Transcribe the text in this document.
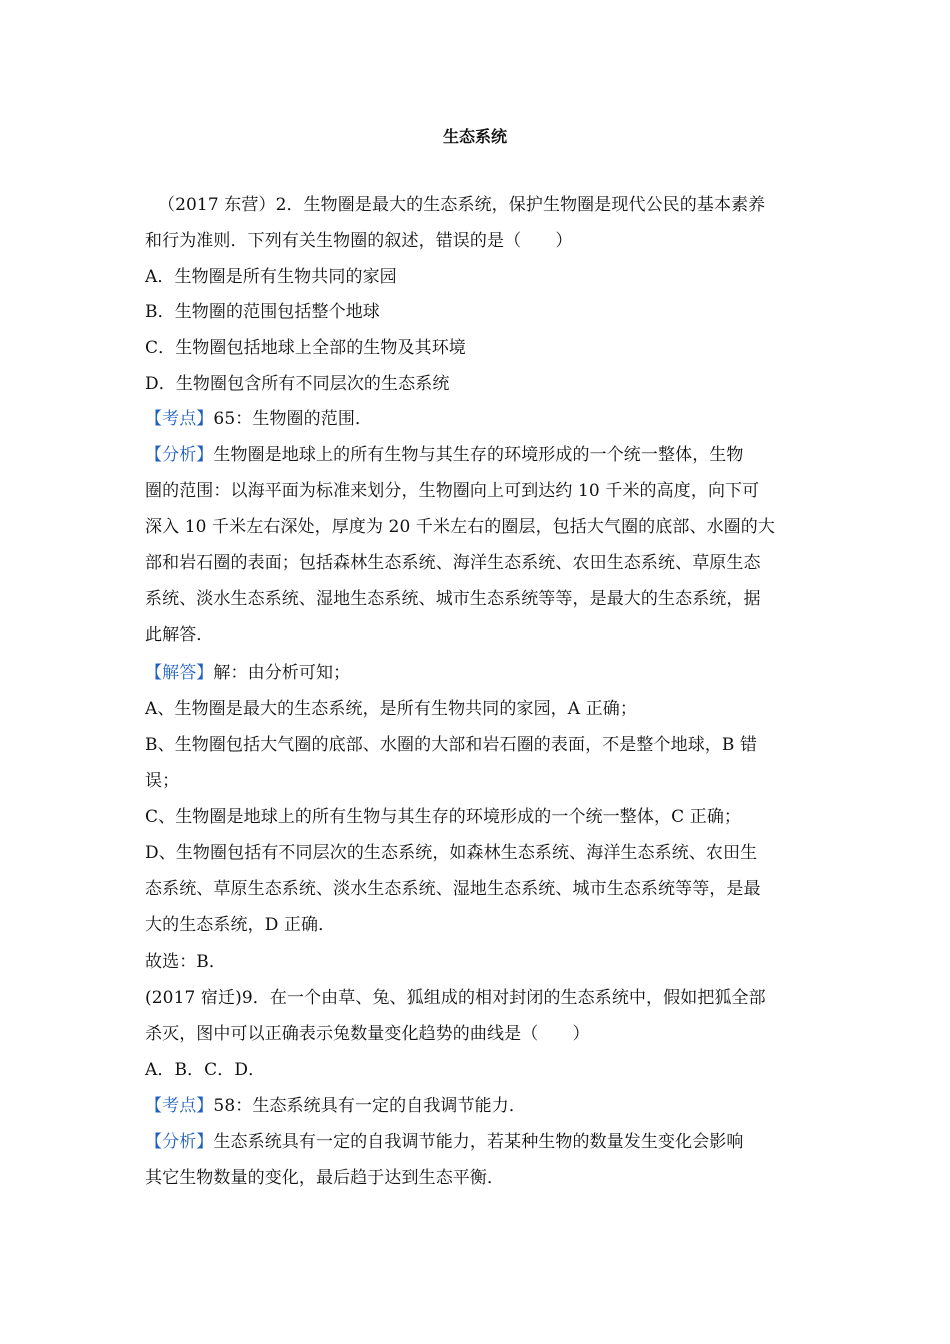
生态系统
（2017 东营）2．生物圈是最大的生态系统，保护生物圈是现代公民的基本素养
和行为准则．下列有关生物圈的叙述，错误的是（　　）
A．生物圈是所有生物共同的家园
B．生物圈的范围包括整个地球
C．生物圈包括地球上全部的生物及其环境
D．生物圈包含所有不同层次的生态系统
【考点】65：生物圈的范围．
【分析】生物圈是地球上的所有生物与其生存的环境形成的一个统一整体，生物
圈的范围：以海平面为标准来划分，生物圈向上可到达约 10 千米的高度，向下可
深入 10 千米左右深处，厚度为 20 千米左右的圈层，包括大气圈的底部、水圈的大
部和岩石圈的表面；包括森林生态系统、海洋生态系统、农田生态系统、草原生态
系统、淡水生态系统、湿地生态系统、城市生态系统等等，是最大的生态系统，据
此解答．
【解答】解：由分析可知；
A、生物圈是最大的生态系统，是所有生物共同的家园，A 正确；
B、生物圈包括大气圈的底部、水圈的大部和岩石圈的表面，不是整个地球，B 错
误；
C、生物圈是地球上的所有生物与其生存的环境形成的一个统一整体，C 正确；
D、生物圈包括有不同层次的生态系统，如森林生态系统、海洋生态系统、农田生
态系统、草原生态系统、淡水生态系统、湿地生态系统、城市生态系统等等，是最
大的生态系统，D 正确．
故选：B．
(2017 宿迁)9．在一个由草、兔、狐组成的相对封闭的生态系统中，假如把狐全部
杀灭，图中可以正确表示兔数量变化趋势的曲线是（　　）
A．B．C．D．
【考点】58：生态系统具有一定的自我调节能力．
【分析】生态系统具有一定的自我调节能力，若某种生物的数量发生变化会影响
其它生物数量的变化，最后趋于达到生态平衡．
